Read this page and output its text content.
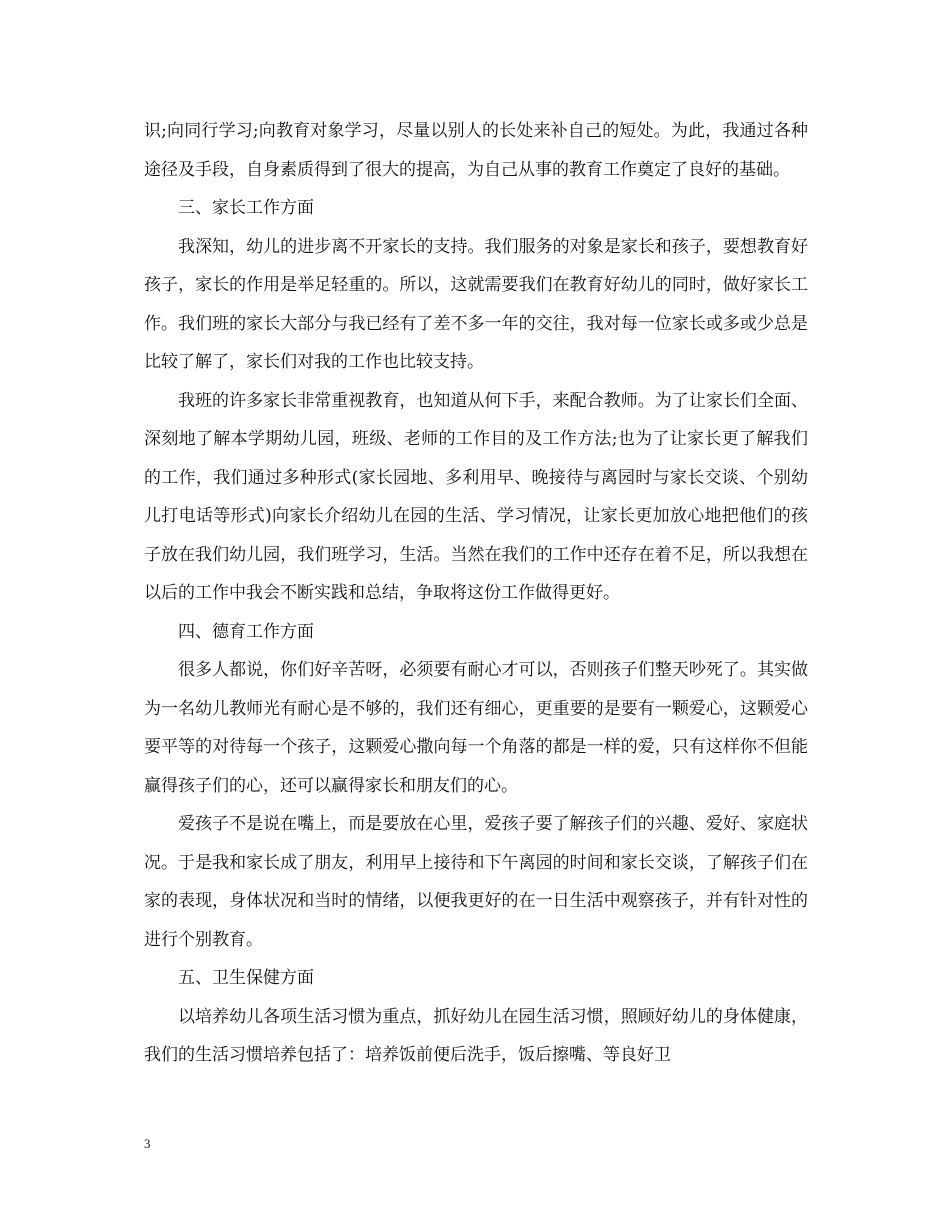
识;向同行学习;向教育对象学习，尽量以别人的长处来补自己的短处。为此，我通过各种途径及手段，自身素质得到了很大的提高，为自己从事的教育工作奠定了良好的基础。

三、家长工作方面

我深知，幼儿的进步离不开家长的支持。我们服务的对象是家长和孩子，要想教育好孩子，家长的作用是举足轻重的。所以，这就需要我们在教育好幼儿的同时，做好家长工作。我们班的家长大部分与我已经有了差不多一年的交往，我对每一位家长或多或少总是比较了解了，家长们对我的工作也比较支持。

我班的许多家长非常重视教育，也知道从何下手，来配合教师。为了让家长们全面、深刻地了解本学期幼儿园，班级、老师的工作目的及工作方法;也为了让家长更了解我们的工作，我们通过多种形式(家长园地、多利用早、晚接待与离园时与家长交谈、个别幼儿打电话等形式)向家长介绍幼儿在园的生活、学习情况，让家长更加放心地把他们的孩子放在我们幼儿园，我们班学习，生活。当然在我们的工作中还存在着不足，所以我想在以后的工作中我会不断实践和总结，争取将这份工作做得更好。

四、德育工作方面

很多人都说，你们好辛苦呀，必须要有耐心才可以，否则孩子们整天吵死了。其实做为一名幼儿教师光有耐心是不够的，我们还有细心，更重要的是要有一颗爱心，这颗爱心要平等的对待每一个孩子，这颗爱心撒向每一个角落的都是一样的爱，只有这样你不但能赢得孩子们的心，还可以赢得家长和朋友们的心。

爱孩子不是说在嘴上，而是要放在心里，爱孩子要了解孩子们的兴趣、爱好、家庭状况。于是我和家长成了朋友，利用早上接待和下午离园的时间和家长交谈，了解孩子们在家的表现，身体状况和当时的情绪，以便我更好的在一日生活中观察孩子，并有针对性的进行个别教育。

五、卫生保健方面

以培养幼儿各项生活习惯为重点，抓好幼儿在园生活习惯，照顾好幼儿的身体健康，我们的生活习惯培养包括了：培养饭前便后洗手，饭后擦嘴、等良好卫

3
